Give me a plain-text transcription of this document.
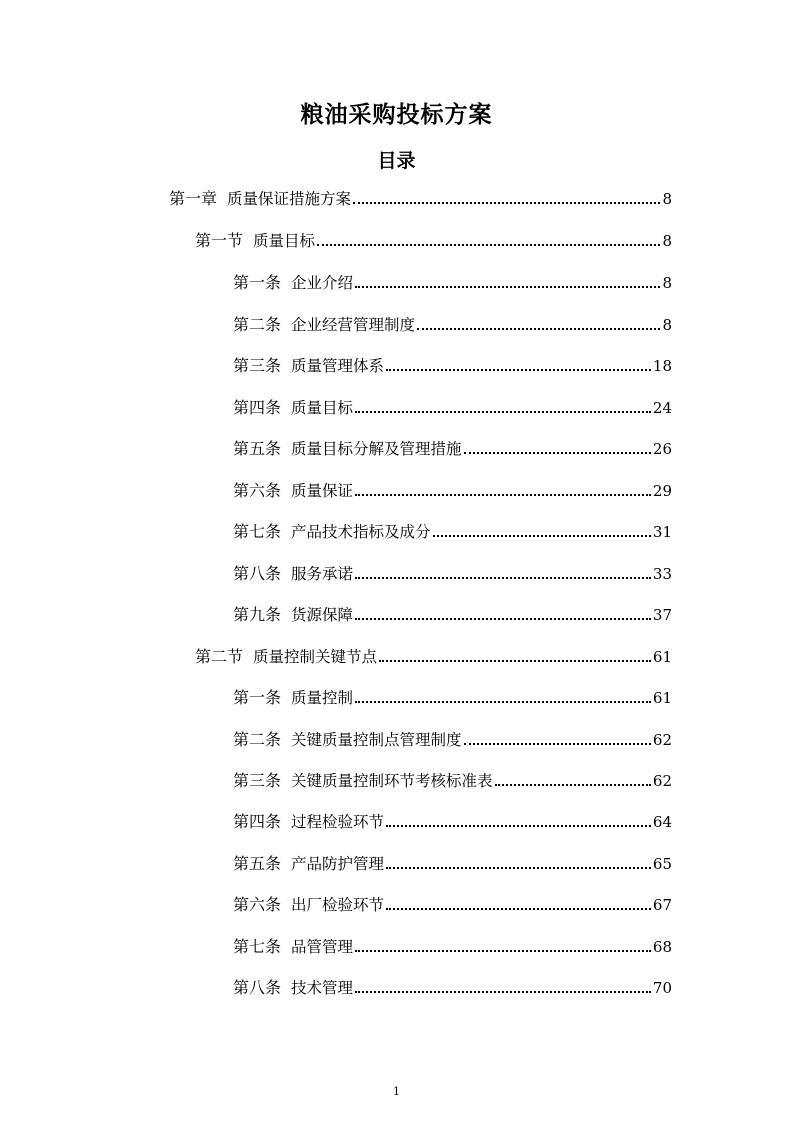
粮油采购投标方案
目录
第一章 质量保证措施方案	8
第一节 质量目标	8
第一条 企业介绍	8
第二条 企业经营管理制度	8
第三条 质量管理体系	18
第四条 质量目标	24
第五条 质量目标分解及管理措施	26
第六条 质量保证	29
第七条 产品技术指标及成分	31
第八条 服务承诺	33
第九条 货源保障	37
第二节 质量控制关键节点	61
第一条 质量控制	61
第二条 关键质量控制点管理制度	62
第三条 关键质量控制环节考核标准表	62
第四条 过程检验环节	64
第五条 产品防护管理	65
第六条 出厂检验环节	67
第七条 品管管理	68
第八条 技术管理	70

1
